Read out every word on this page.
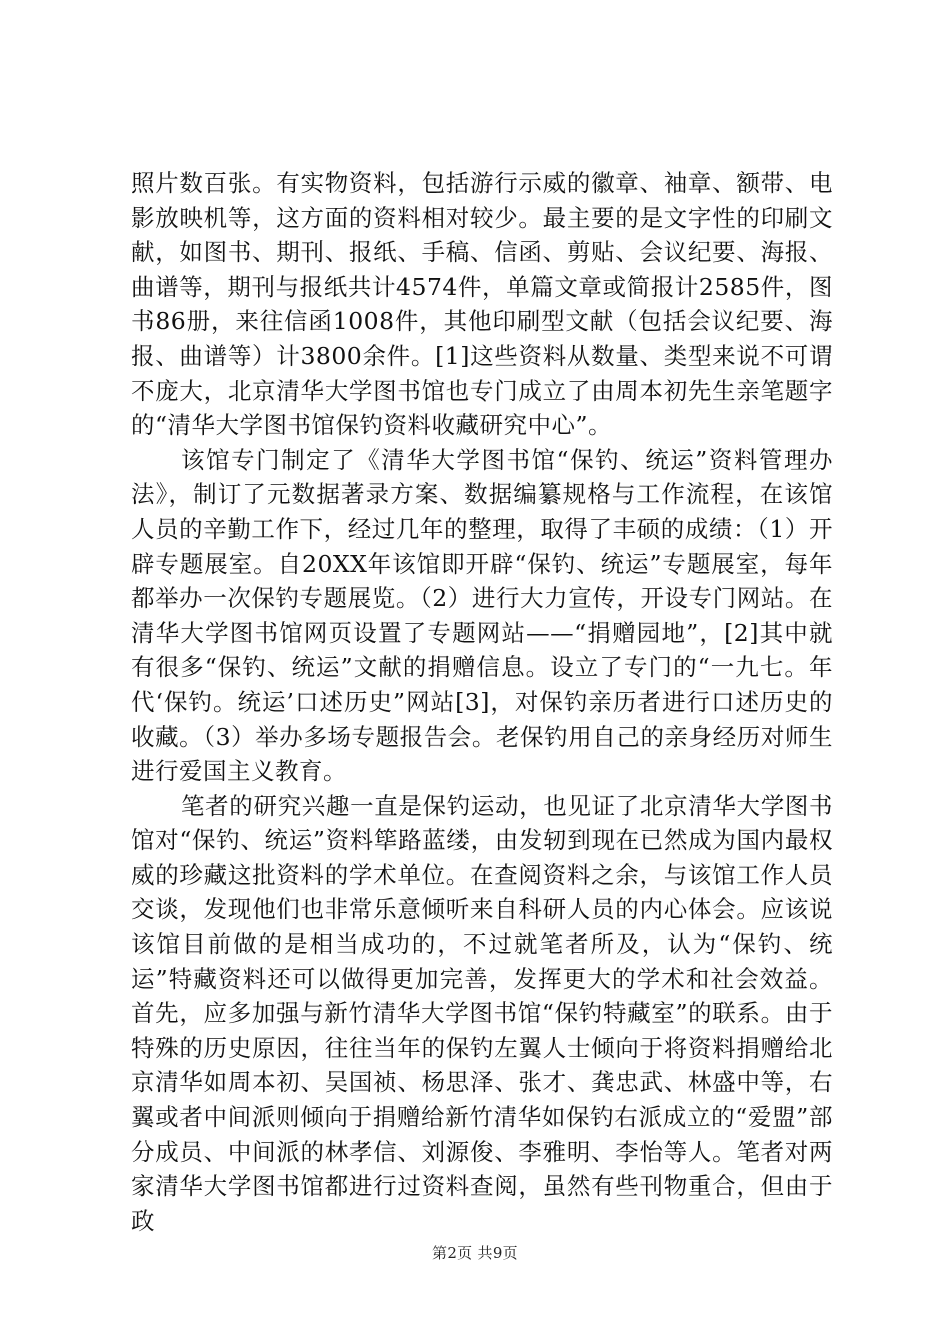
照片数百张。有实物资料，包括游行示威的徽章、袖章、额带、电影放映机等，这方面的资料相对较少。最主要的是文字性的印刷文献，如图书、期刊、报纸、手稿、信函、剪贴、会议纪要、海报、曲谱等，期刊与报纸共计4574件，单篇文章或简报计2585件，图书86册，来往信函1008件，其他印刷型文献（包括会议纪要、海报、曲谱等）计3800余件。[1]这些资料从数量、类型来说不可谓不庞大，北京清华大学图书馆也专门成立了由周本初先生亲笔题字的“清华大学图书馆保钓资料收藏研究中心”。

该馆专门制定了《清华大学图书馆“保钓、统运”资料管理办法》，制订了元数据著录方案、数据编纂规格与工作流程，在该馆人员的辛勤工作下，经过几年的整理，取得了丰硕的成绩：（1）开辟专题展室。自20XX年该馆即开辟“保钓、统运”专题展室，每年都举办一次保钓专题展览。（2）进行大力宣传，开设专门网站。在清华大学图书馆网页设置了专题网站——“捐赠园地”，[2]其中就有很多“保钓、统运”文献的捐赠信息。设立了专门的“一九七。年代‘保钓。统运’口述历史”网站[3]，对保钓亲历者进行口述历史的收藏。（3）举办多场专题报告会。老保钓用自己的亲身经历对师生进行爱国主义教育。

笔者的研究兴趣一直是保钓运动，也见证了北京清华大学图书馆对“保钓、统运”资料筚路蓝缕，由发轫到现在已然成为国内最权威的珍藏这批资料的学术单位。在查阅资料之余，与该馆工作人员交谈，发现他们也非常乐意倾听来自科研人员的内心体会。应该说该馆目前做的是相当成功的，不过就笔者所及，认为“保钓、统运”特藏资料还可以做得更加完善，发挥更大的学术和社会效益。首先，应多加强与新竹清华大学图书馆“保钓特藏室”的联系。由于特殊的历史原因，往往当年的保钓左翼人士倾向于将资料捐赠给北京清华如周本初、吴国祯、杨思泽、张才、龚忠武、林盛中等，右翼或者中间派则倾向于捐赠给新竹清华如保钓右派成立的“爱盟”部分成员、中间派的林孝信、刘源俊、李雅明、李怡等人。笔者对两家清华大学图书馆都进行过资料查阅，虽然有些刊物重合，但由于政

第2页 共9页
